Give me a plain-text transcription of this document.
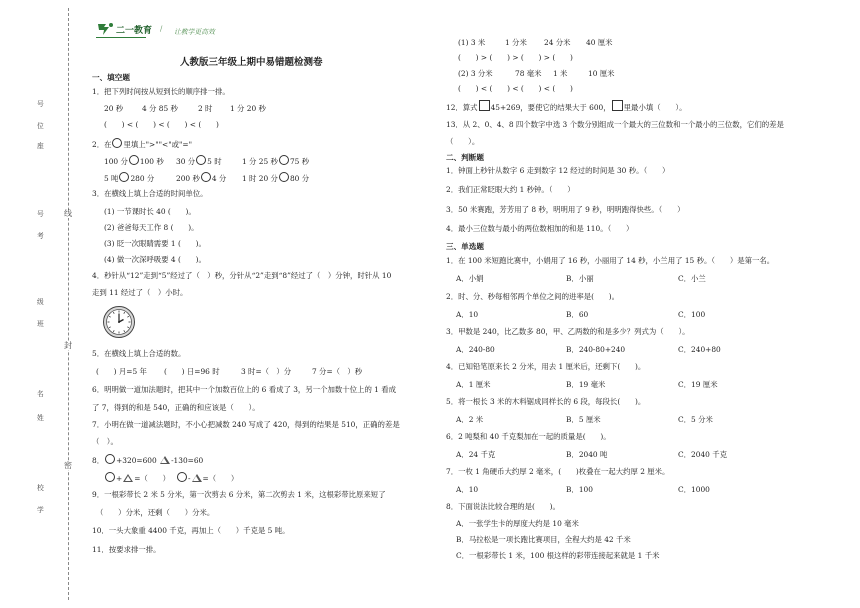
二一教育 / 让教学更高效
号
位
座
号
考
级
班
名
姓
校
学
线
封
密
人教版三年级上期中易错题检测卷
一、填空题
1．把下列时间按从短到长的顺序排一排。
20 秒	4 分 85 秒	2 时 1 分 20 秒
(　　) < (　　) < (　　) < (　　)
2．在 里填上">""<"或"="
100 分 100 秒 30 分 5 时	1 分 25 秒 75 秒
5 吨 280 分	200 秒 4 分 1 时 20 分 80 分
3．在横线上填上合适的时间单位。
(1) 一节课时长 40 (　　)。
(2) 爸爸每天工作 8 (　　)。
(3) 眨一次眼睛需要 1 (　　)。
(4) 做一次深呼吸要 4 (　　)。
4．秒针从“12”走到“5”经过了（　）秒，分针从“2”走到“8”经过了（　）分钟，时针从 10
走到 11 经过了（　）小时。
5．在横线上填上合适的数。
(　　) 月=5 年 (　　) 日=96 时	3 时=（　）分	7 分=（　）秒
6．明明做一道加法题时，把其中一个加数百位上的 6 看成了 3，另一个加数十位上的 1 看成
了 7，得到的和是 540，正确的和应该是（　　）。
7．小明在做一道减法题时，不小心把减数 240 写成了 420，得到的结果是 510，正确的差是
（　）。
8． +320=600 -130=60
+ =（　　）	- =（　　）
9．一根彩带长 2 米 5 分米，第一次剪去 6 分米，第二次剪去 1 米，这根彩带比原来短了
（　　）分米，还剩（　　）分米。
10．一头大象重 4400 千克，再加上（　　）千克是 5 吨。
11．按要求排一排。
(1) 3 米	1 分米 24 分米 40 厘米
(　　) > (　　) > (　　) > (　　)
(2) 3 分米	78 毫米 1 米	10 厘米
(　　) < (　　) < (　　) < (　　)
12．算式 45+269，要使它的结果大于 600， 里最小填（　　）。
13．从 2、0、4、8 四个数字中选 3 个数分别组成一个最大的三位数和一个最小的三位数，它们的差是
（　　）。
二、判断题
1．钟面上秒针从数字 6 走到数字 12 经过的时间是 30 秒。（　　）
2．我们正常眨眼大约 1 秒钟。（　　）
3．50 米赛跑，芳芳用了 8 秒，明明用了 9 秒，明明跑得快些。（　　）
4．最小三位数与最小的两位数相加的和是 110。（　　）
三、单选题
1．在 100 米短跑比赛中，小娟用了 16 秒，小丽用了 14 秒，小兰用了 15 秒。（　　）是第一名。
A．小娟	B．小丽	C．小兰
2．时、分、秒每相邻两个单位之间的进率是(　　)。
A．10	B．60	C．100
3．甲数是 240，比乙数多 80，甲、乙两数的和是多少？列式为（　　）。
A．240-80	B．240-80+240	C．240+80
4．已知铅笔原来长 2 分米，用去 1 厘米后，还剩下(　　)。
A．1 厘米	B．19 毫米	C．19 厘米
5．将一根长 3 米的木料锯成同样长的 6 段，每段长(　　)。
A．2 米	B．5 厘米	C．5 分米
6．2 吨梨和 40 千克梨加在一起的质量是(　　)。
A．24 千克	B．2040 吨	C．2040 千克
7．一枚 1 角硬币大约厚 2 毫米，(　　)枚叠在一起大约厚 2 厘米。
A．10	B．100	C．1000
8．下面说法比较合理的是(　　)。
A．一张学生卡的厚度大约是 10 毫米
B．马拉松是一项长跑比赛项目，全程大约是 42 千米
C．一根彩带长 1 米，100 根这样的彩带连接起来就是 1 千米
